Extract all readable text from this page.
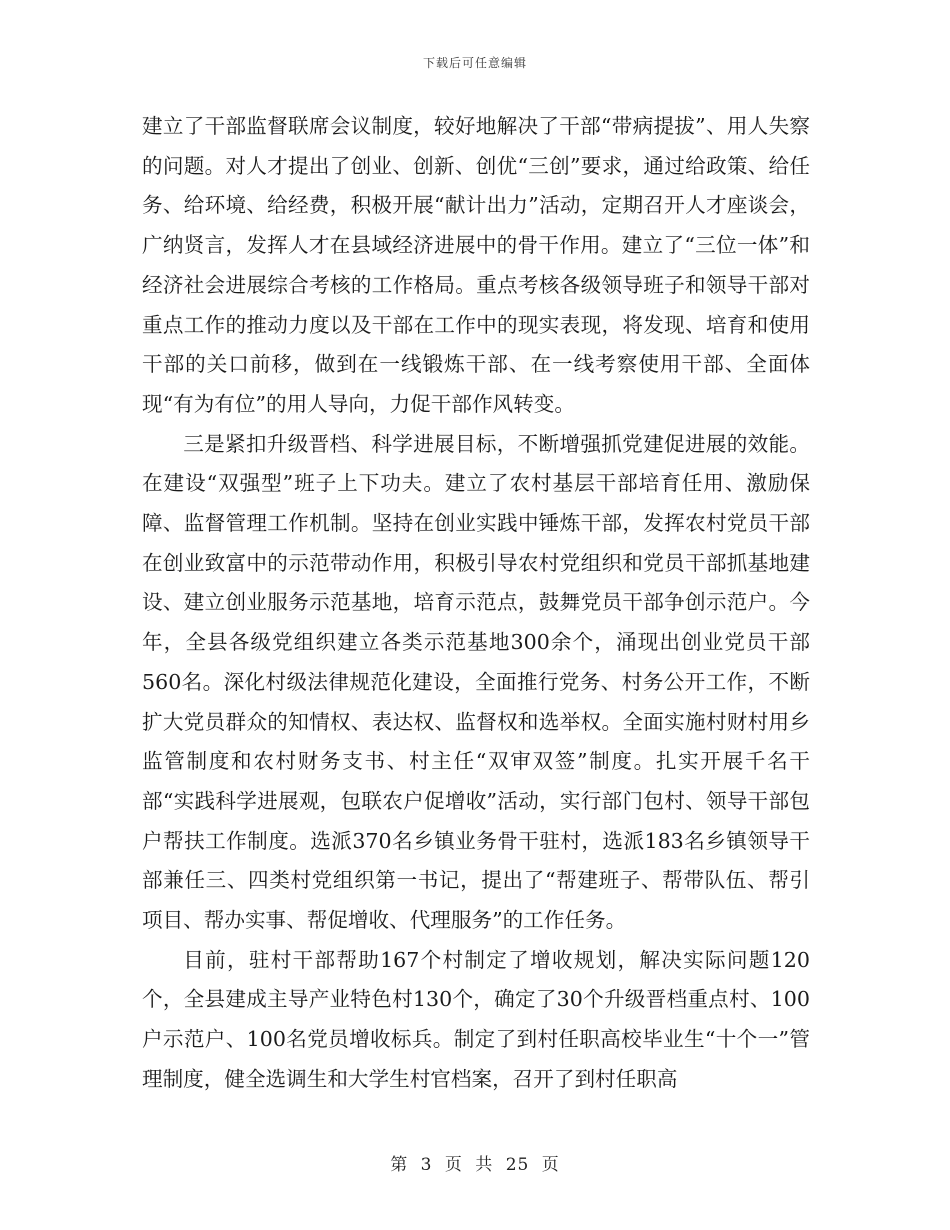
下载后可任意编辑

建立了干部监督联席会议制度，较好地解决了干部“带病提拔”、用人失察的问题。对人才提出了创业、创新、创优“三创”要求，通过给政策、给任务、给环境、给经费，积极开展“献计出力”活动，定期召开人才座谈会，广纳贤言，发挥人才在县域经济进展中的骨干作用。建立了“三位一体”和经济社会进展综合考核的工作格局。重点考核各级领导班子和领导干部对重点工作的推动力度以及干部在工作中的现实表现，将发现、培育和使用干部的关口前移，做到在一线锻炼干部、在一线考察使用干部、全面体现“有为有位”的用人导向，力促干部作风转变。

三是紧扣升级晋档、科学进展目标，不断增强抓党建促进展的效能。在建设“双强型”班子上下功夫。建立了农村基层干部培育任用、激励保障、监督管理工作机制。坚持在创业实践中锤炼干部，发挥农村党员干部在创业致富中的示范带动作用，积极引导农村党组织和党员干部抓基地建设、建立创业服务示范基地，培育示范点，鼓舞党员干部争创示范户。今年，全县各级党组织建立各类示范基地300余个，涌现出创业党员干部560名。深化村级法律规范化建设，全面推行党务、村务公开工作，不断扩大党员群众的知情权、表达权、监督权和选举权。全面实施村财村用乡监管制度和农村财务支书、村主任“双审双签”制度。扎实开展千名干部“实践科学进展观，包联农户促增收”活动，实行部门包村、领导干部包户帮扶工作制度。选派370名乡镇业务骨干驻村，选派183名乡镇领导干部兼任三、四类村党组织第一书记，提出了“帮建班子、帮带队伍、帮引项目、帮办实事、帮促增收、代理服务”的工作任务。

目前，驻村干部帮助167个村制定了增收规划，解决实际问题120个，全县建成主导产业特色村130个，确定了30个升级晋档重点村、100户示范户、100名党员增收标兵。制定了到村任职高校毕业生“十个一”管理制度，健全选调生和大学生村官档案，召开了到村任职高

第 3 页 共 25 页
